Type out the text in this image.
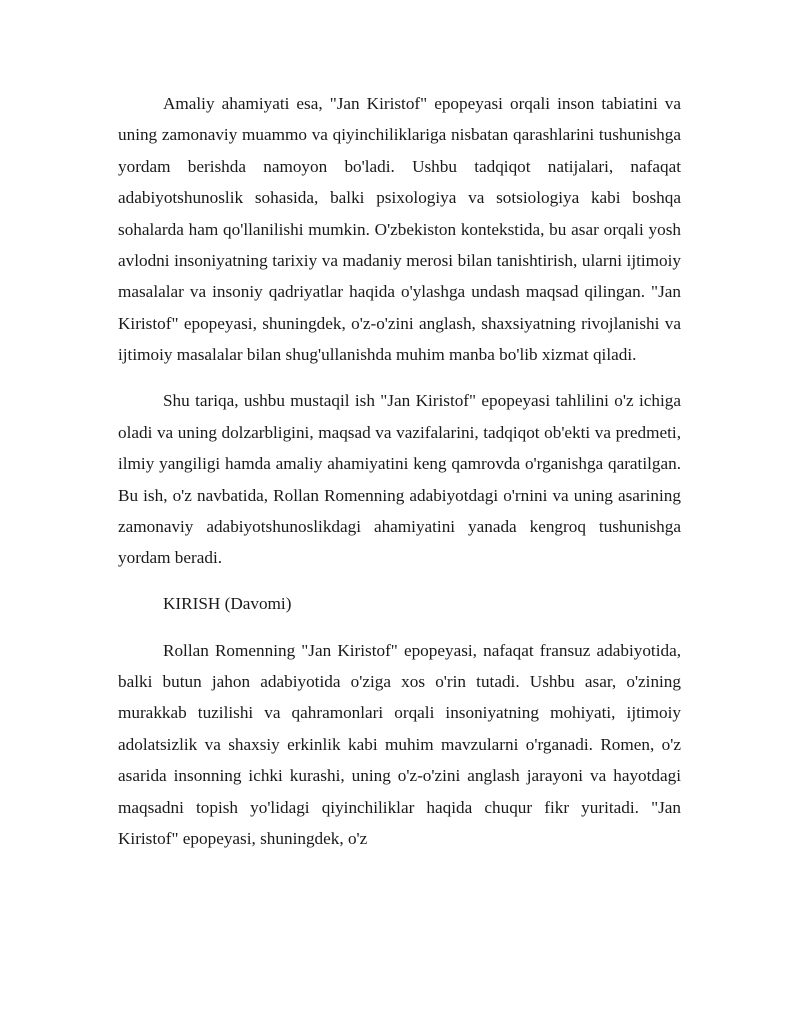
Amaliy ahamiyati esa, "Jan Kiristof" epopeyasi orqali inson tabiatini va uning zamonaviy muammo va qiyinchiliklariga nisbatan qarashlarini tushunishga yordam berishda namoyon bo'ladi. Ushbu tadqiqot natijalari, nafaqat adabiyotshunoslik sohasida, balki psixologiya va sotsiologiya kabi boshqa sohalarda ham qo'llanilishi mumkin. O'zbekiston kontekstida, bu asar orqali yosh avlodni insoniyatning tarixiy va madaniy merosi bilan tanishtirish, ularni ijtimoiy masalalar va insoniy qadriyatlar haqida o'ylashga undash maqsad qilingan. "Jan Kiristof" epopeyasi, shuningdek, o'z-o'zini anglash, shaxsiyatning rivojlanishi va ijtimoiy masalalar bilan shug'ullanishda muhim manba bo'lib xizmat qiladi.

Shu tariqa, ushbu mustaqil ish "Jan Kiristof" epopeyasi tahlilini o'z ichiga oladi va uning dolzarbligini, maqsad va vazifalarini, tadqiqot ob'ekti va predmeti, ilmiy yangiligi hamda amaliy ahamiyatini keng qamrovda o'rganishga qaratilgan. Bu ish, o'z navbatida, Rollan Romenning adabiyotdagi o'rnini va uning asarining zamonaviy adabiyotshunoslikdagi ahamiyatini yanada kengroq tushunishga yordam beradi.

KIRISH (Davomi)

Rollan Romenning "Jan Kiristof" epopeyasi, nafaqat fransuz adabiyotida, balki butun jahon adabiyotida o'ziga xos o'rin tutadi. Ushbu asar, o'zining murakkab tuzilishi va qahramonlari orqali insoniyatning mohiyati, ijtimoiy adolatsizlik va shaxsiy erkinlik kabi muhim mavzularni o'rganadi. Romen, o'z asarida insonning ichki kurashi, uning o'z-o'zini anglash jarayoni va hayotdagi maqsadni topish yo'lidagi qiyinchiliklar haqida chuqur fikr yuritadi. "Jan Kiristof" epopeyasi, shuningdek, o'z
